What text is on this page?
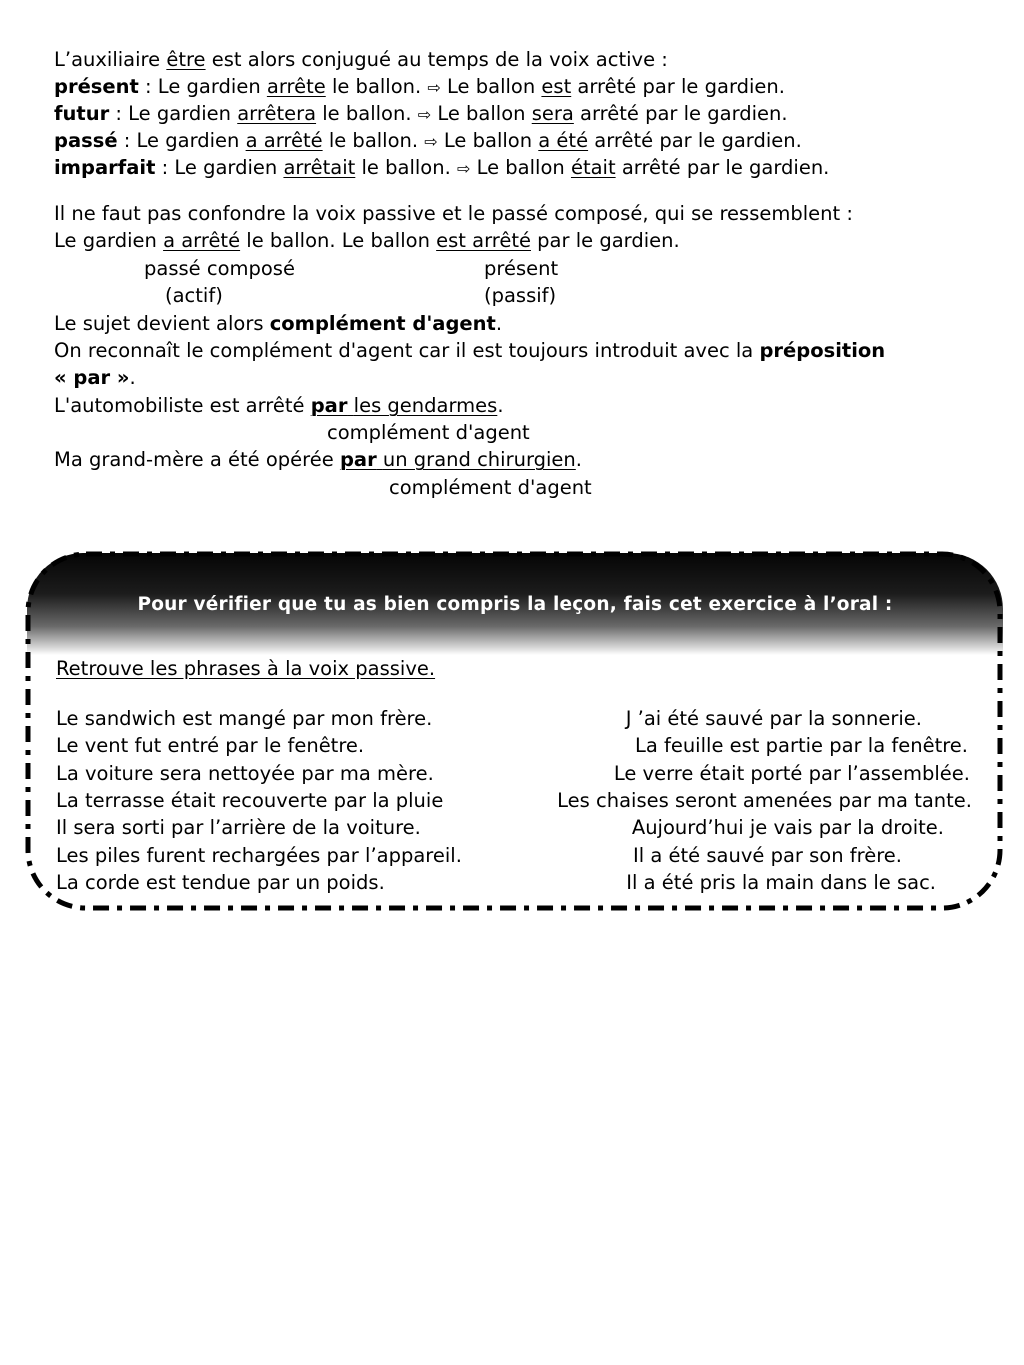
L’auxiliaire être est alors conjugué au temps de la voix active :
présent : Le gardien arrête le ballon. ⇨ Le ballon est arrêté par le gardien.
futur : Le gardien arrêtera le ballon. ⇨ Le ballon sera arrêté par le gardien.
passé : Le gardien a arrêté le ballon. ⇨ Le ballon a été arrêté par le gardien.
imparfait : Le gardien arrêtait le ballon. ⇨ Le ballon était arrêté par le gardien.
Il ne faut pas confondre la voix passive et le passé composé, qui se ressemblent :
Le gardien a arrêté le ballon. Le ballon est arrêté par le gardien.
passé composé	présent
(actif)	(passif)
Le sujet devient alors complément d'agent.
On reconnaît le complément d'agent car il est toujours introduit avec la préposition
« par ».
L'automobiliste est arrêté par les gendarmes.
complément d'agent
Ma grand-mère a été opérée par un grand chirurgien.
complément d'agent
Pour vérifier que tu as bien compris la leçon, fais cet exercice à l’oral :
Retrouve les phrases à la voix passive.
Le sandwich est mangé par mon frère.	J ’ai été sauvé par la sonnerie.
Le vent fut entré par le fenêtre.	La feuille est partie par la fenêtre.
La voiture sera nettoyée par ma mère.	Le verre était porté par l’assemblée.
La terrasse était recouverte par la pluie	Les chaises seront amenées par ma tante.
Il sera sorti par l’arrière de la voiture.	Aujourd’hui je vais par la droite.
Les piles furent rechargées par l’appareil.	Il a été sauvé par son frère.
La corde est tendue par un poids.	Il a été pris la main dans le sac.
